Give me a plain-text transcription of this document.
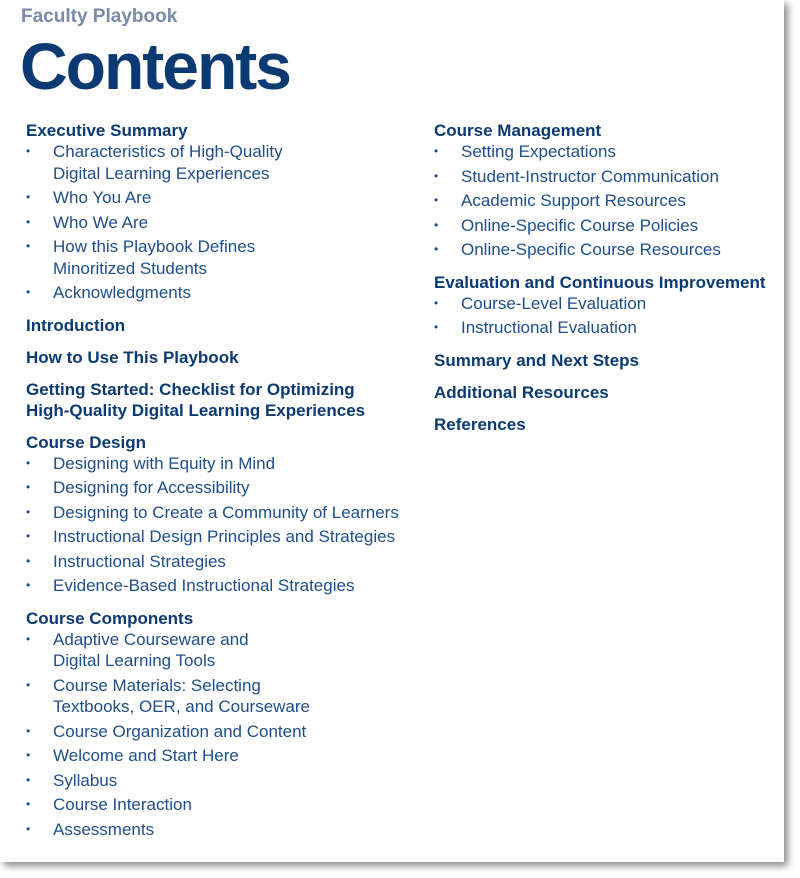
Faculty Playbook
Contents
Executive Summary
•	Characteristics of High-Quality
Digital Learning Experiences
•	Who You Are
•	Who We Are
•	How this Playbook Defines
Minoritized Students
•	Acknowledgments
Introduction
How to Use This Playbook
Getting Started: Checklist for Optimizing
High-Quality Digital Learning Experiences
Course Design
•	Designing with Equity in Mind
•	Designing for Accessibility
•	Designing to Create a Community of Learners
•	Instructional Design Principles and Strategies
•	Instructional Strategies
•	Evidence-Based Instructional Strategies
Course Components
•	Adaptive Courseware and
Digital Learning Tools
•	Course Materials: Selecting
Textbooks, OER, and Courseware
•	Course Organization and Content
•	Welcome and Start Here
•	Syllabus
•	Course Interaction
•	Assessments
Course Management
•	Setting Expectations
•	Student-Instructor Communication
•	Academic Support Resources
•	Online-Specific Course Policies
•	Online-Specific Course Resources
Evaluation and Continuous Improvement
•	Course-Level Evaluation
•	Instructional Evaluation
Summary and Next Steps
Additional Resources
References
